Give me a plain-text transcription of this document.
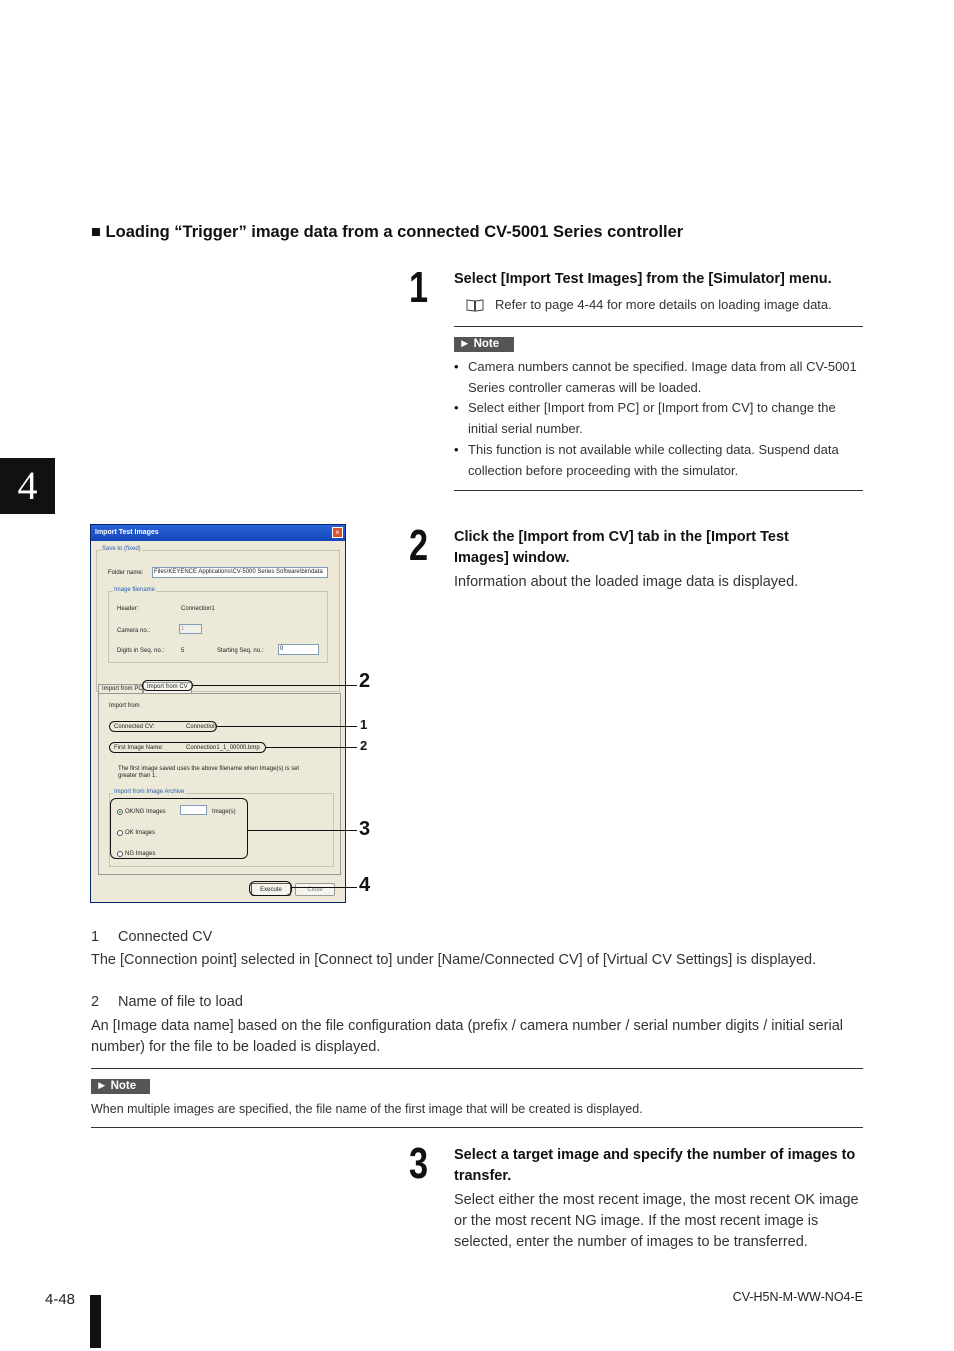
■ Loading “Trigger” image data from a connected CV-5001 Series controller
4
1 Select [Import Test Images] from the [Simulator] menu.
Refer to page 4-44 for more details on loading image data.
► Note
• Camera numbers cannot be specified. Image data from all CV-5001 Series controller cameras will be loaded.
• Select either [Import from PC] or [Import from CV] to change the initial serial number.
• This function is not available while collecting data. Suspend data collection before proceeding with the simulator.
2 Click the [Import from CV] tab in the [Import Test Images] window.
Information about the loaded image data is displayed.
Import Test Images	×
Save to (fixed)
Folder name:	Files\KEYENCE Applications\CV-5000 Series Software\bin\data
Image filename
Header:	Connection1
Camera no.:	1
Digits in Seq. no.:	5	Starting Seq. no.:	0
Import from PC Import from CV
Import from
Connected CV:	Connection
First Image Name:	Connection1_1_00000.bmp
The first image saved uses the above filename when Image(s) is set greater than 1.
Import from Image Archive
OK/NG Images	Image(s)
OK Images
NG Images
Execute	Close
2
1
2
3
4
1 Connected CV
The [Connection point] selected in [Connect to] under [Name/Connected CV] of [Virtual CV Settings] is displayed.
2 Name of file to load
An [Image data name] based on the file configuration data (prefix / camera number / serial number digits / initial serial number) for the file to be loaded is displayed.
► Note
When multiple images are specified, the file name of the first image that will be created is displayed.
3 Select a target image and specify the number of images to transfer.
Select either the most recent image, the most recent OK image or the most recent NG image. If the most recent image is selected, enter the number of images to be transferred.
4-48	CV-H5N-M-WW-NO4-E
